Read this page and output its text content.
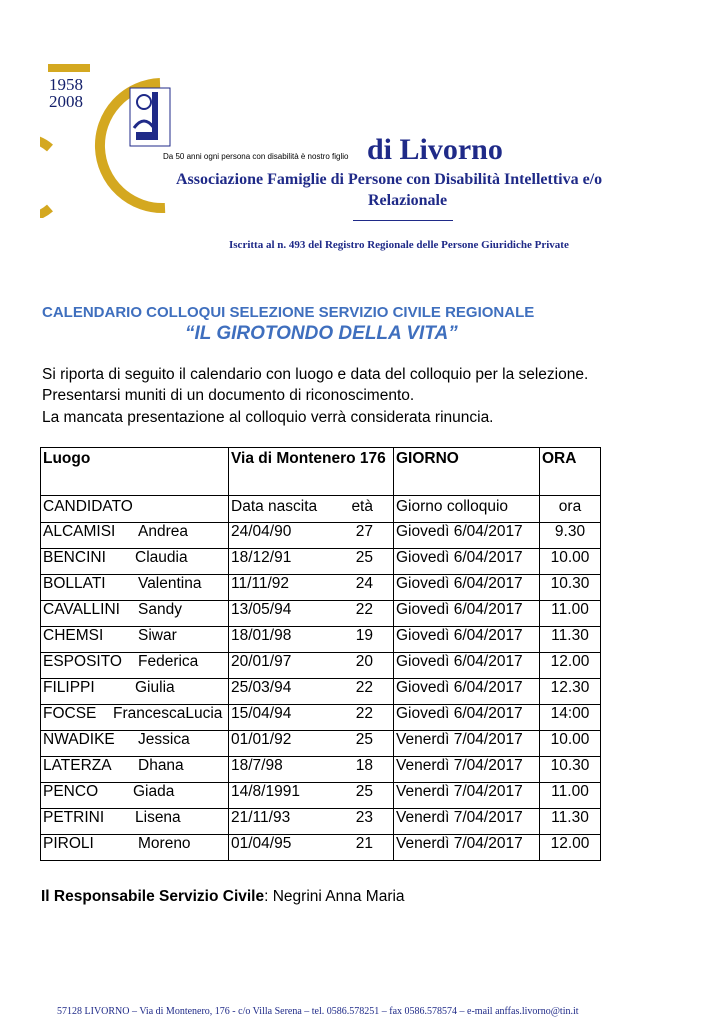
1958
2008
Da 50 anni ogni persona con disabilità è nostro figlio di Livorno
Associazione Famiglie di Persone con Disabilità Intellettiva e/o
Relazionale
Iscritta al n. 493 del Registro Regionale delle Persone Giuridiche Private
CALENDARIO COLLOQUI SELEZIONE SERVIZIO CIVILE REGIONALE
“IL GIROTONDO DELLA VITA”
Si riporta di seguito il calendario con luogo e data del colloquio per la selezione.
Presentarsi muniti di un documento di riconoscimento.
La mancata presentazione al colloquio verrà considerata rinuncia.
Luogo	Via di Montenero 176	GIORNO	ORA
CANDIDATO	Data nascita età	Giorno colloquio	ora
ALCAMISI Andrea	24/04/90 27	Giovedì 6/04/2017	9.30
BENCINI Claudia	18/12/91 25	Giovedì 6/04/2017	10.00
BOLLATI Valentina	11/11/92 24	Giovedì 6/04/2017	10.30
CAVALLINI Sandy	13/05/94 22	Giovedì 6/04/2017	11.00
CHEMSI Siwar	18/01/98 19	Giovedì 6/04/2017	11.30
ESPOSITO Federica	20/01/97 20	Giovedì 6/04/2017	12.00
FILIPPI Giulia	25/03/94 22	Giovedì 6/04/2017	12.30
FOCSE FrancescaLucia	15/04/94 22	Giovedì 6/04/2017	14:00
NWADIKE Jessica	01/01/92 25	Venerdì 7/04/2017	10.00
LATERZA Dhana	18/7/98 18	Venerdì 7/04/2017	10.30
PENCO Giada	14/8/1991 25	Venerdì 7/04/2017	11.00
PETRINI Lisena	21/11/93 23	Venerdì 7/04/2017	11.30
PIROLI Moreno	01/04/95 21	Venerdì 7/04/2017	12.00
Il Responsabile Servizio Civile: Negrini Anna Maria
57128 LIVORNO – Via di Montenero, 176 - c/o Villa Serena – tel. 0586.578251 – fax 0586.578574 – e-mail anffas.livorno@tin.it
